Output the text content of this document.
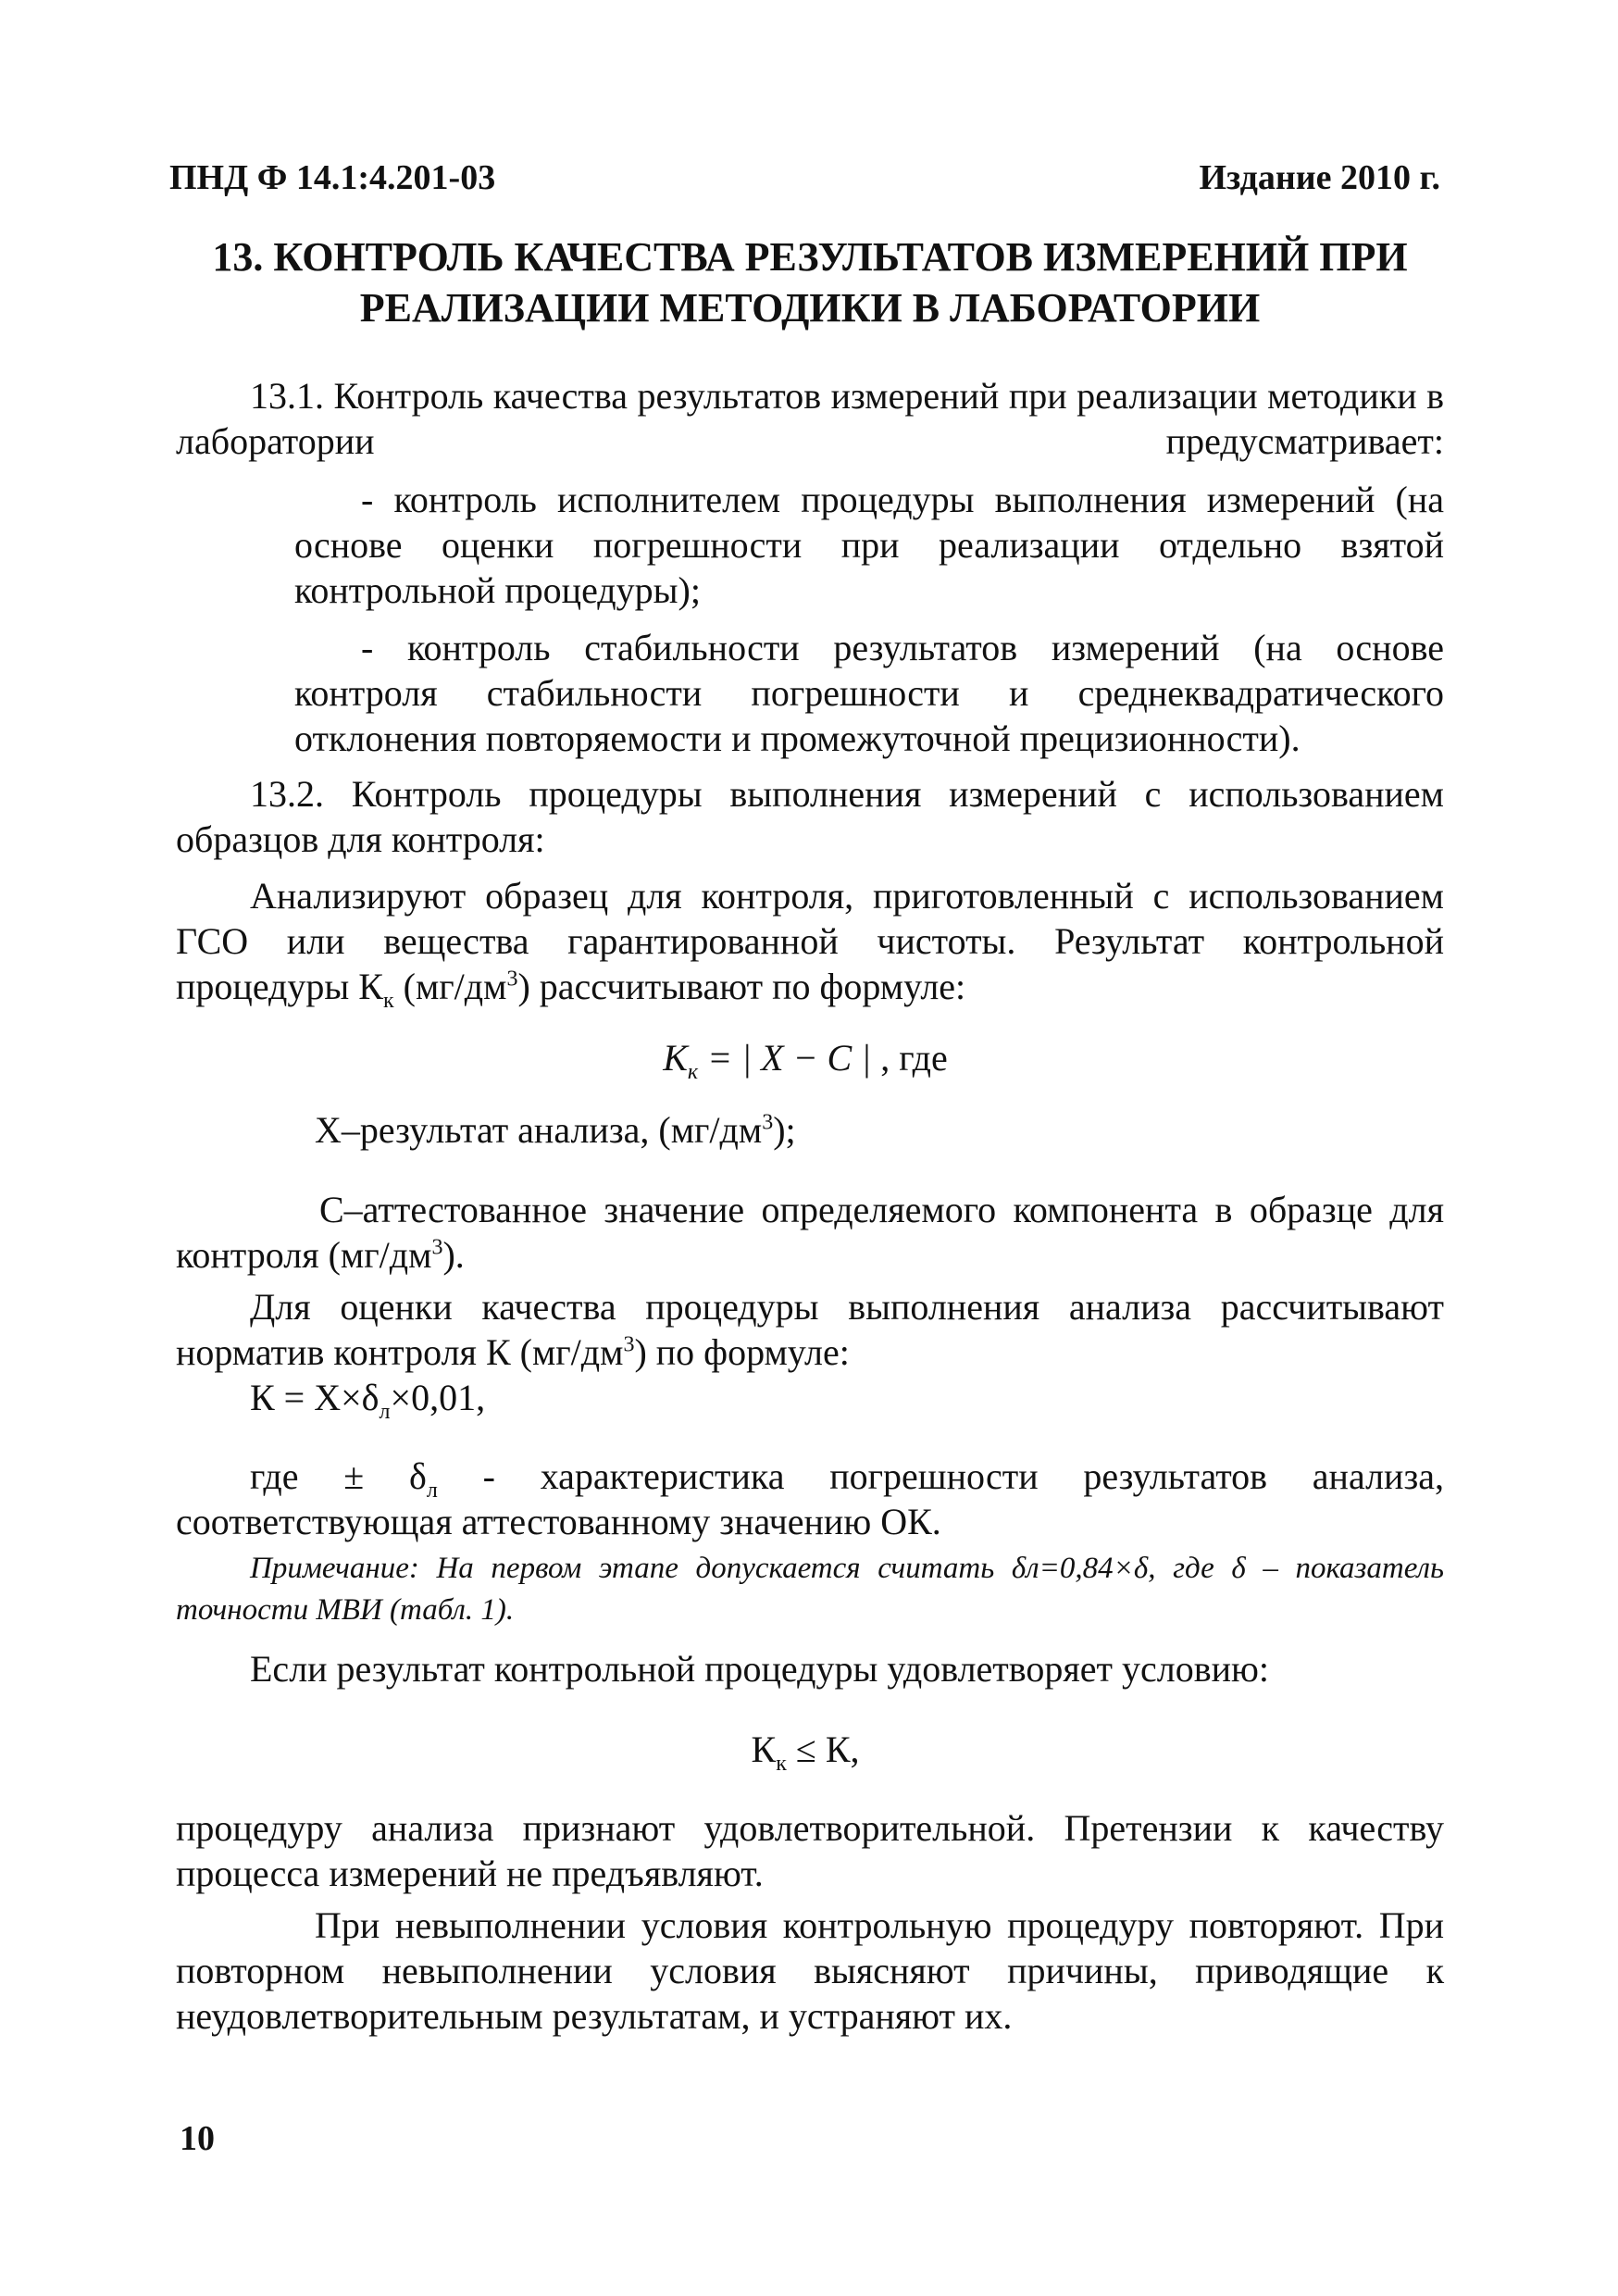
ПНД Ф 14.1:4.201-03	Издание 2010 г.
13. КОНТРОЛЬ КАЧЕСТВА РЕЗУЛЬТАТОВ ИЗМЕРЕНИЙ ПРИ
РЕАЛИЗАЦИИ МЕТОДИКИ В ЛАБОРАТОРИИ
13.1. Контроль качества результатов измерений при реализации методики в лаборатории предусматривает:
- контроль исполнителем процедуры выполнения измерений (на основе оценки погрешности при реализации отдельно взятой контрольной процедуры);
- контроль стабильности результатов измерений (на основе контроля стабильности погрешности и среднеквадратического отклонения повторяемости и промежуточной прецизионности).
13.2. Контроль процедуры выполнения измерений с использованием образцов для контроля:
Анализируют образец для контроля, приготовленный с использованием ГСО или вещества гарантированной чистоты. Результат контрольной процедуры $К_к$ $(мг/дм^3)$ рассчитывают по формуле:
$K_к$ = | X − C | , где
X–результат анализа, $(мг/дм^3)$;
C–аттестованное значение определяемого компонента в образце для контроля $(мг/дм^3)$.
Для оценки качества процедуры выполнения анализа рассчитывают норматив контроля К $(мг/дм^3)$ по формуле:
$К = X\times\delta_л\times 0,01$,
где ± $\delta_л$ - характеристика погрешности результатов анализа, соответствующая аттестованному значению ОК.
Примечание: На первом этапе допускается считать δл=0,84×δ, где δ – показатель точности МВИ (табл. 1).
Если результат контрольной процедуры удовлетворяет условию:
$К_к \le К$,
процедуру анализа признают удовлетворительной. Претензии к качеству процесса измерений не предъявляют.
При невыполнении условия контрольную процедуру повторяют. При повторном невыполнении условия выясняют причины, приводящие к неудовлетворительным результатам, и устраняют их.
10
